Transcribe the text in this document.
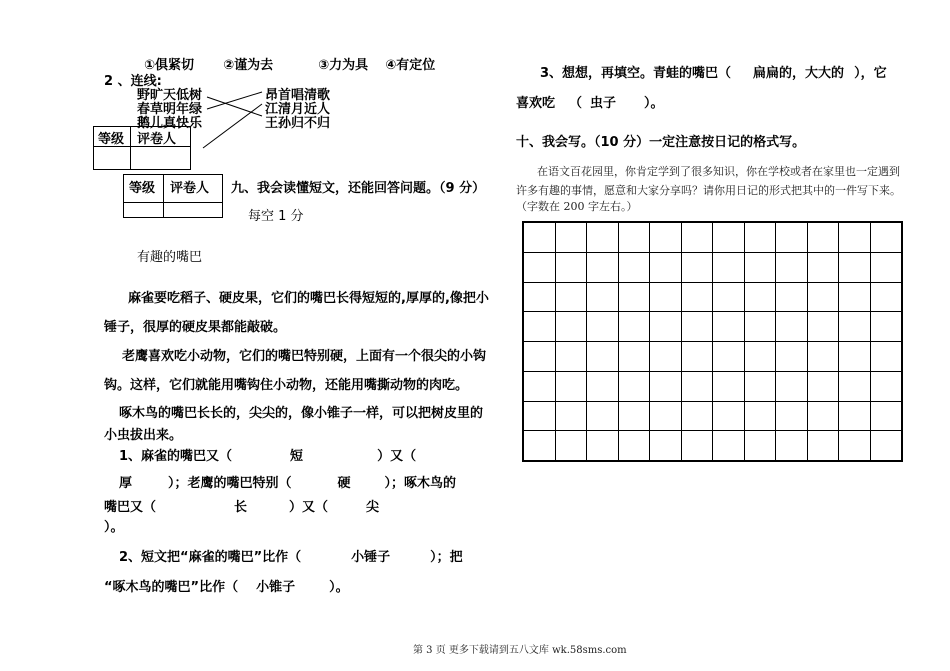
①俱紧切 ②谨为去	③力为具 ④有定位
2 、连线:
野旷天低树
春草明年绿
鹅儿真快乐
昂首唱清歌
江清月近人
王孙归不归
等级 评卷人
等级 评卷人 九、我会读懂短文，还能回答问题。（9 分）
每空 1 分
有趣的嘴巴
麻雀要吃稻子、硬皮果，它们的嘴巴长得短短的,厚厚的,像把小
锤子，很厚的硬皮果都能敲破。
老鹰喜欢吃小动物，它们的嘴巴特别硬，上面有一个很尖的小钩
钩。这样，它们就能用嘴钩住小动物，还能用嘴撕动物的肉吃。
啄木鸟的嘴巴长长的，尖尖的，像小锥子一样，可以把树皮里的
小虫拔出来。
1、麻雀的嘴巴又（	短	）又（
厚	）；老鹰的嘴巴特别（	硬	）；啄木鸟的
嘴巴又（	长	）又（	尖
）。
2、短文把“麻雀的嘴巴”比作（	小锤子	）；把
“啄木鸟的嘴巴”比作（ 小锥子	）。
3、想想，再填空。青蛙的嘴巴（ 扁扁的，大大的 ），它
喜欢吃 （ 虫子 ）。
十、我会写。（10 分）一定注意按日记的格式写。
在语文百花园里，你肯定学到了很多知识，你在学校或者在家里也一定遇到
许多有趣的事情，愿意和大家分享吗？请你用日记的形式把其中的一件写下来。
（字数在 200 字左右。）

第 3 页 更多下载请到五八文库 wk.58sms.com
